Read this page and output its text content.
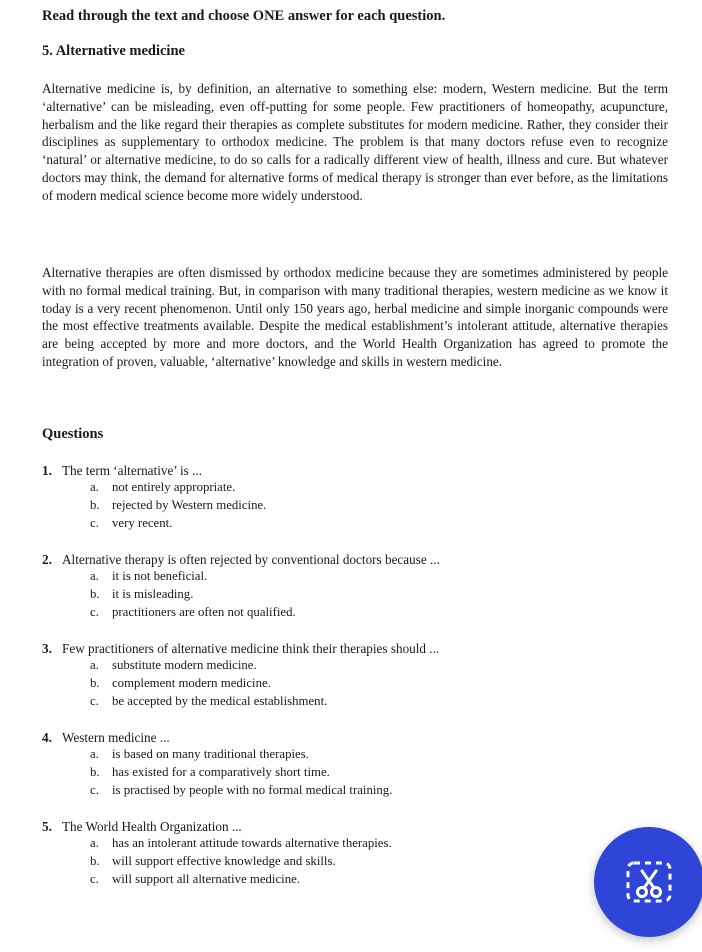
Read through the text and choose ONE answer for each question.

5. Alternative medicine

Alternative medicine is, by definition, an alternative to something else: modern, Western medicine. But the term ‘alternative’ can be misleading, even off-putting for some people. Few practitioners of homeopathy, acupuncture, herbalism and the like regard their therapies as complete substitutes for modern medicine. Rather, they consider their disciplines as supplementary to orthodox medicine. The problem is that many doctors refuse even to recognize ‘natural’ or alternative medicine, to do so calls for a radically different view of health, illness and cure. But whatever doctors may think, the demand for alternative forms of medical therapy is stronger than ever before, as the limitations of modern medical science become more widely understood.

Alternative therapies are often dismissed by orthodox medicine because they are sometimes administered by people with no formal medical training. But, in comparison with many traditional therapies, western medicine as we know it today is a very recent phenomenon. Until only 150 years ago, herbal medicine and simple inorganic compounds were the most effective treatments available. Despite the medical establishment’s intolerant attitude, alternative therapies are being accepted by more and more doctors, and the World Health Organization has agreed to promote the integration of proven, valuable, ‘alternative’ knowledge and skills in western medicine.

Questions
1. The term ‘alternative’ is ...
a. not entirely appropriate.
b. rejected by Western medicine.
c. very recent.
2. Alternative therapy is often rejected by conventional doctors because ...
a. it is not beneficial.
b. it is misleading.
c. practitioners are often not qualified.
3. Few practitioners of alternative medicine think their therapies should ...
a. substitute modern medicine.
b. complement modern medicine.
c. be accepted by the medical establishment.
4. Western medicine ...
a. is based on many traditional therapies.
b. has existed for a comparatively short time.
c. is practised by people with no formal medical training.
5. The World Health Organization ...
a. has an intolerant attitude towards alternative therapies.
b. will support effective knowledge and skills.
c. will support all alternative medicine.
